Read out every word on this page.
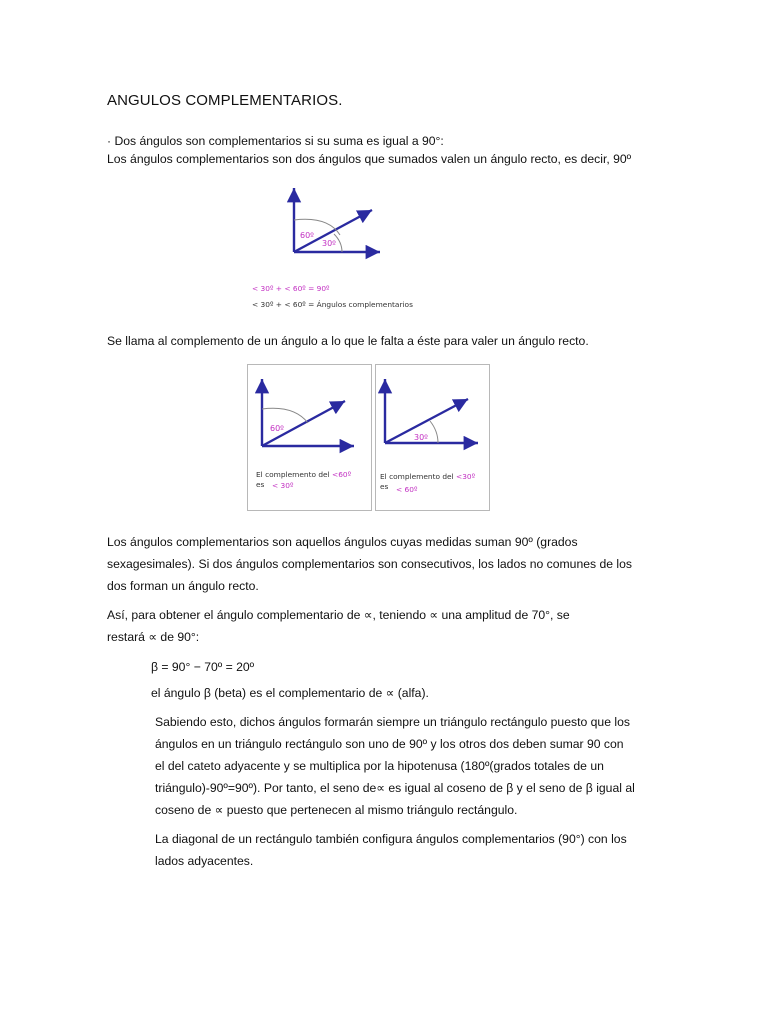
ANGULOS COMPLEMENTARIOS.
· Dos ángulos son complementarios si su suma es igual a 90°:
Los ángulos complementarios son dos ángulos que sumados valen un ángulo recto, es decir, 90º
60º
30º
< 30º + < 60º = 90º
< 30º + < 60º = Ángulos complementarios
Se llama al complemento de un ángulo a lo que le falta a éste para valer un ángulo recto.
60º
El complemento del <60º
es < 30º
30º
El complemento del <30º
es < 60º
Los ángulos complementarios son aquellos ángulos cuyas medidas suman 90º (grados
sexagesimales). Si dos ángulos complementarios son consecutivos, los lados no comunes de los
dos forman un ángulo recto.
Así, para obtener el ángulo complementario de ∝, teniendo ∝ una amplitud de 70°, se
restará ∝ de 90°:
β = 90° − 70º = 20º
el ángulo β (beta) es el complementario de ∝ (alfa).
Sabiendo esto, dichos ángulos formarán siempre un triángulo rectángulo puesto que los
ángulos en un triángulo rectángulo son uno de 90º y los otros dos deben sumar 90 con
el del cateto adyacente y se multiplica por la hipotenusa (180º(grados totales de un
triángulo)-90º=90º). Por tanto, el seno de∝ es igual al coseno de β y el seno de β igual al
coseno de ∝ puesto que pertenecen al mismo triángulo rectángulo.
La diagonal de un rectángulo también configura ángulos complementarios (90°) con los
lados adyacentes.
